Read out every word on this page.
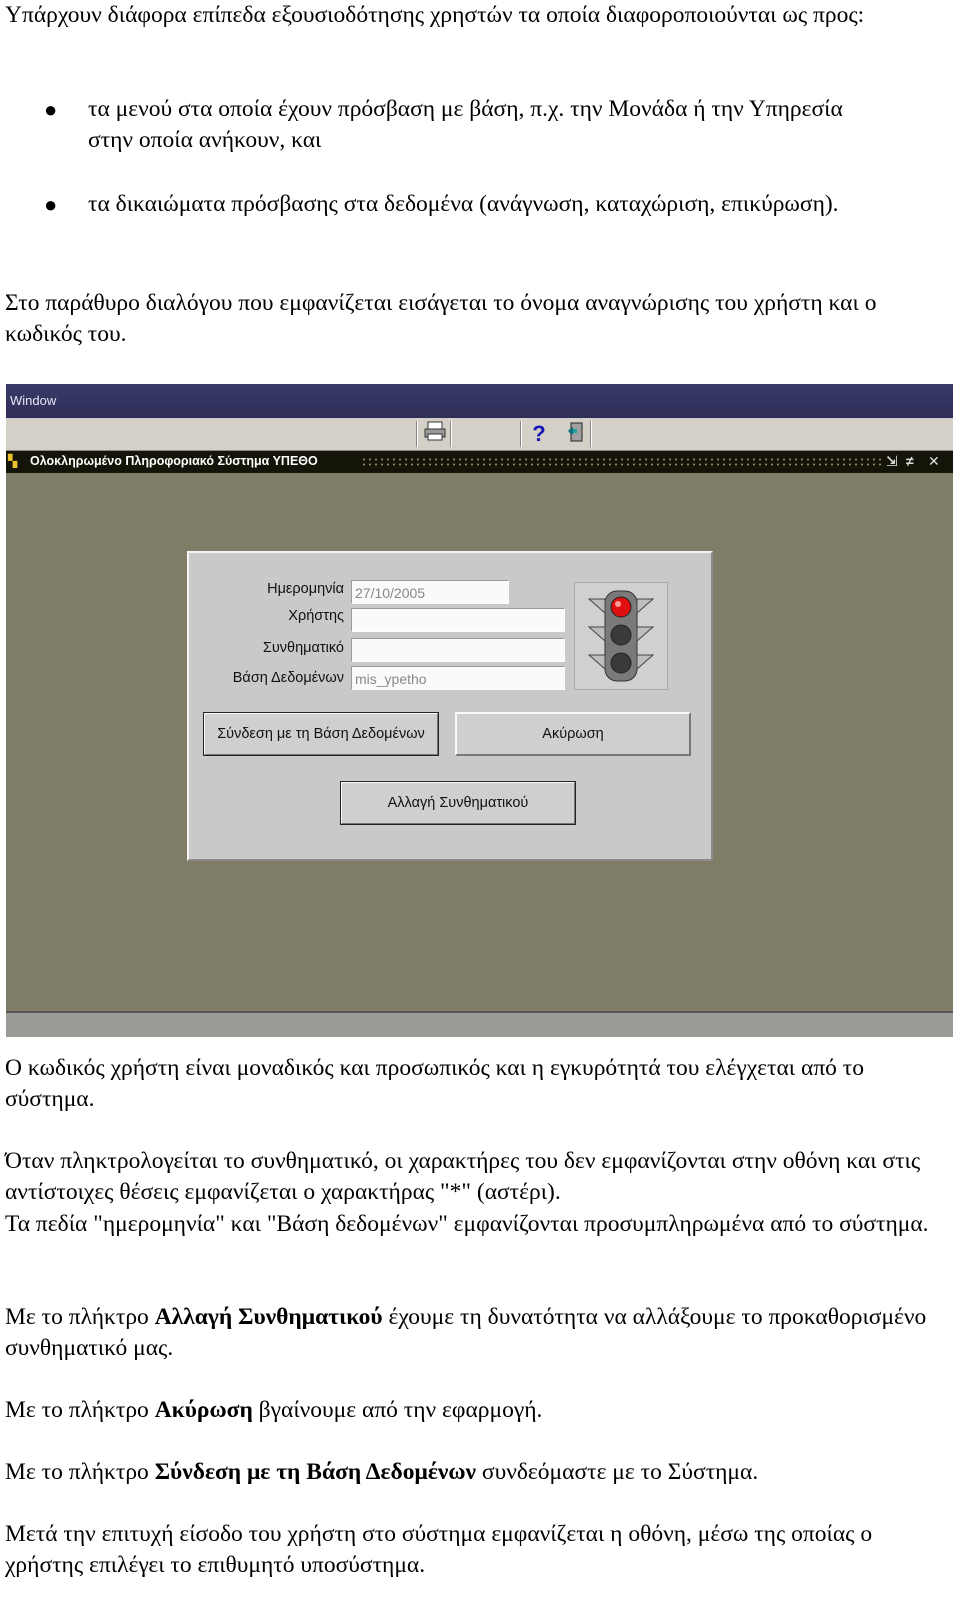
Υπάρχουν διάφορα επίπεδα εξουσιοδότησης χρηστών τα οποία διαφοροποιούνται ως προς:

● τα μενού στα οποία έχουν πρόσβαση με βάση, π.χ. την Μονάδα ή την Υπηρεσία στην οποία ανήκουν, και
● τα δικαιώματα πρόσβασης στα δεδομένα (ανάγνωση, καταχώριση, επικύρωση).

Στο παράθυρο διαλόγου που εμφανίζεται εισάγεται το όνομα αναγνώρισης του χρήστη και ο κωδικός του.

Window
?
▚	Ολοκληρωμένο Πληροφοριακό Σύστημα ΥΠΕΘΟ	⇲ ≠ ✕
Ημερομηνία 27/10/2005
Χρήστης
Συνθηματικό
Βάση Δεδομένων mis_ypetho
Σύνδεση με τη Βάση Δεδομένων	Ακύρωση
Αλλαγή Συνθηματικού

Ο κωδικός χρήστη είναι μοναδικός και προσωπικός και η εγκυρότητά του ελέγχεται από το σύστημα.

Όταν πληκτρολογείται το συνθηματικό, οι χαρακτήρες του δεν εμφανίζονται στην οθόνη και στις αντίστοιχες θέσεις εμφανίζεται ο χαρακτήρας "*" (αστέρι).

Τα πεδία "ημερομηνία" και "Βάση δεδομένων" εμφανίζονται προσυμπληρωμένα από το σύστημα.

Με το πλήκτρο Αλλαγή Συνθηματικού έχουμε τη δυνατότητα να αλλάξουμε το προκαθορισμένο συνθηματικό μας.

Με το πλήκτρο Ακύρωση βγαίνουμε από την εφαρμογή.

Με το πλήκτρο Σύνδεση με τη Βάση Δεδομένων συνδεόμαστε με το Σύστημα.

Μετά την επιτυχή είσοδο του χρήστη στο σύστημα εμφανίζεται η οθόνη, μέσω της οποίας ο χρήστης επιλέγει το επιθυμητό υποσύστημα.
